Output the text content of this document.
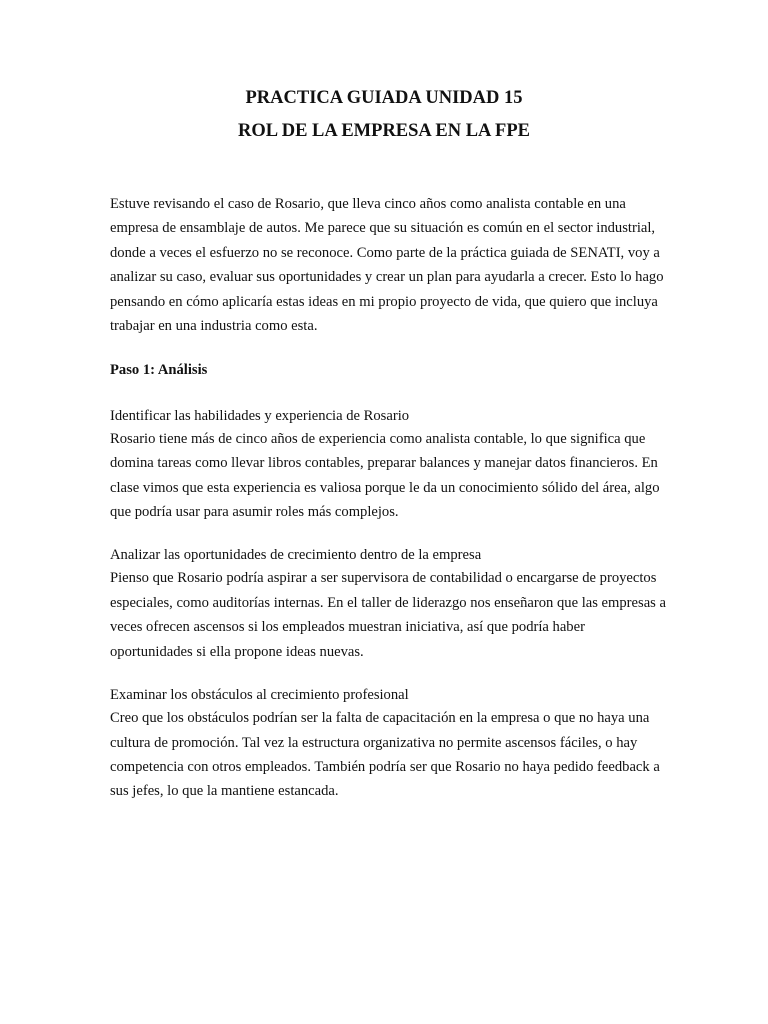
PRACTICA GUIADA UNIDAD 15
ROL DE LA EMPRESA EN LA FPE

Estuve revisando el caso de Rosario, que lleva cinco años como analista contable en una empresa de ensamblaje de autos. Me parece que su situación es común en el sector industrial, donde a veces el esfuerzo no se reconoce. Como parte de la práctica guiada de SENATI, voy a analizar su caso, evaluar sus oportunidades y crear un plan para ayudarla a crecer. Esto lo hago pensando en cómo aplicaría estas ideas en mi propio proyecto de vida, que quiero que incluya trabajar en una industria como esta.

Paso 1: Análisis

Identificar las habilidades y experiencia de Rosario

Rosario tiene más de cinco años de experiencia como analista contable, lo que significa que domina tareas como llevar libros contables, preparar balances y manejar datos financieros. En clase vimos que esta experiencia es valiosa porque le da un conocimiento sólido del área, algo que podría usar para asumir roles más complejos.

Analizar las oportunidades de crecimiento dentro de la empresa

Pienso que Rosario podría aspirar a ser supervisora de contabilidad o encargarse de proyectos especiales, como auditorías internas. En el taller de liderazgo nos enseñaron que las empresas a veces ofrecen ascensos si los empleados muestran iniciativa, así que podría haber oportunidades si ella propone ideas nuevas.

Examinar los obstáculos al crecimiento profesional

Creo que los obstáculos podrían ser la falta de capacitación en la empresa o que no haya una cultura de promoción. Tal vez la estructura organizativa no permite ascensos fáciles, o hay competencia con otros empleados. También podría ser que Rosario no haya pedido feedback a sus jefes, lo que la mantiene estancada.
